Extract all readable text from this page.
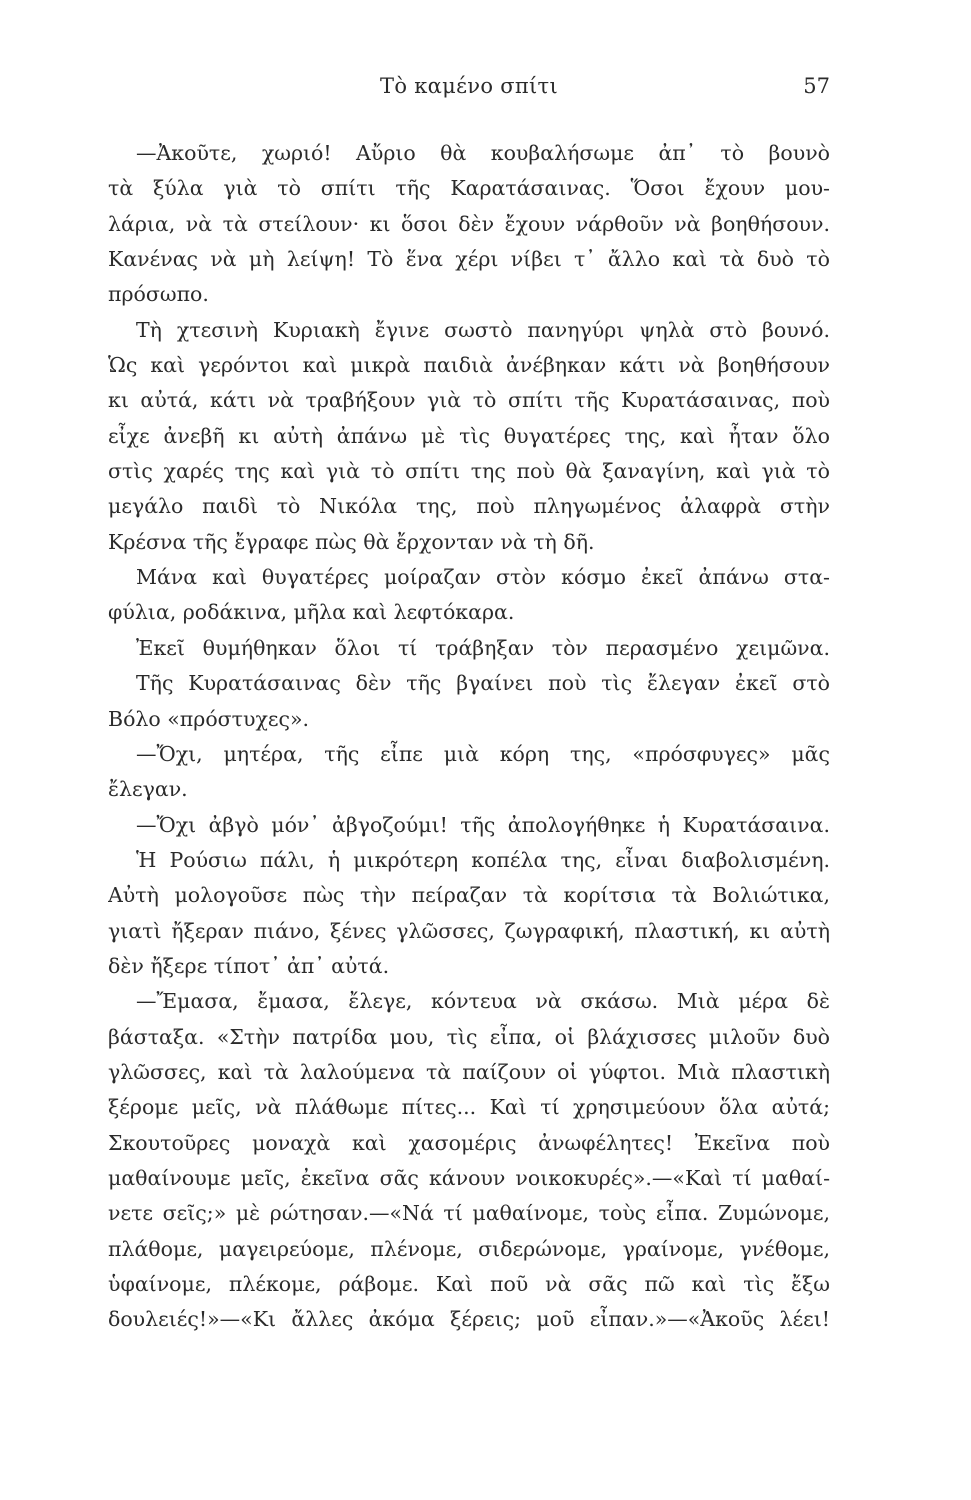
Τὸ καμένο σπίτι	57
—Ἀκοῦτε, χωριό! Αὔριο θὰ κουβαλήσωμε ἀπ᾽ τὸ βουνὸ
τὰ ξύλα γιὰ τὸ σπίτι τῆς Καρατάσαινας. Ὅσοι ἔχουν μου-
λάρια, νὰ τὰ στείλουν· κι ὅσοι δὲν ἔχουν νάρθοῦν νὰ βοηθήσουν.
Κανένας νὰ μὴ λείψη! Τὸ ἕνα χέρι νίβει τ᾽ ἄλλο καὶ τὰ δυὸ τὸ
πρόσωπο.
Τὴ χτεσινὴ Κυριακὴ ἔγινε σωστὸ πανηγύρι ψηλὰ στὸ βουνό.
Ὡς καὶ γερόντοι καὶ μικρὰ παιδιὰ ἀνέβηκαν κάτι νὰ βοηθήσουν
κι αὐτά, κάτι νὰ τραβήξουν γιὰ τὸ σπίτι τῆς Κυρατάσαινας, ποὺ
εἶχε ἀνεβῆ κι αὐτὴ ἀπάνω μὲ τὶς θυγατέρες της, καὶ ἦταν ὅλο
στὶς χαρές της καὶ γιὰ τὸ σπίτι της ποὺ θὰ ξαναγίνη, καὶ γιὰ τὸ
μεγάλο παιδὶ τὸ Νικόλα της, ποὺ πληγωμένος ἀλαφρὰ στὴν
Κρέσνα τῆς ἔγραφε πὼς θὰ ἔρχονταν νὰ τὴ δῆ.
Μάνα καὶ θυγατέρες μοίραζαν στὸν κόσμο ἐκεῖ ἀπάνω στα-
φύλια, ροδάκινα, μῆλα καὶ λεφτόκαρα.
Ἐκεῖ θυμήθηκαν ὅλοι τί τράβηξαν τὸν περασμένο χειμῶνα.
Τῆς Κυρατάσαινας δὲν τῆς βγαίνει ποὺ τὶς ἔλεγαν ἐκεῖ στὸ
Βόλο «πρόστυχες».
—Ὄχι, μητέρα, τῆς εἶπε μιὰ κόρη της, «πρόσφυγες» μᾶς
ἔλεγαν.
—Ὄχι ἀβγὸ μόν᾽ ἀβγοζούμι! τῆς ἀπολογήθηκε ἡ Κυρατάσαινα.
Ἡ Ρούσιω πάλι, ἡ μικρότερη κοπέλα της, εἶναι διαβολισμένη.
Αὐτὴ μολογοῦσε πὼς τὴν πείραζαν τὰ κορίτσια τὰ Βολιώτικα,
γιατὶ ἤξεραν πιάνο, ξένες γλῶσσες, ζωγραφική, πλαστική, κι αὐτὴ
δὲν ἤξερε τίποτ᾽ ἀπ᾽ αὐτά.
—Ἔμασα, ἔμασα, ἔλεγε, κόντευα νὰ σκάσω. Μιὰ μέρα δὲ
βάσταξα. «Στὴν πατρίδα μου, τὶς εἶπα, οἱ βλάχισσες μιλοῦν δυὸ
γλῶσσες, καὶ τὰ λαλούμενα τὰ παίζουν οἱ γύφτοι. Μιὰ πλαστικὴ
ξέρομε μεῖς, νὰ πλάθωμε πίτες... Καὶ τί χρησιμεύουν ὅλα αὐτά;
Σκουτοῦρες μοναχὰ καὶ χασομέρις ἀνωφέλητες! Ἐκεῖνα ποὺ
μαθαίνουμε μεῖς, ἐκεῖνα σᾶς κάνουν νοικοκυρές».—«Καὶ τί μαθαί-
νετε σεῖς;» μὲ ρώτησαν.—«Νά τί μαθαίνομε, τοὺς εἶπα. Ζυμώνομε,
πλάθομε, μαγειρεύομε, πλένομε, σιδερώνομε, γραίνομε, γνέθομε,
ὑφαίνομε, πλέκομε, ράβομε. Καὶ ποῦ νὰ σᾶς πῶ καὶ τὶς ἔξω
δουλειές!»—«Κι ἄλλες ἀκόμα ξέρεις; μοῦ εἶπαν.»—«Ἀκοῦς λέει!
